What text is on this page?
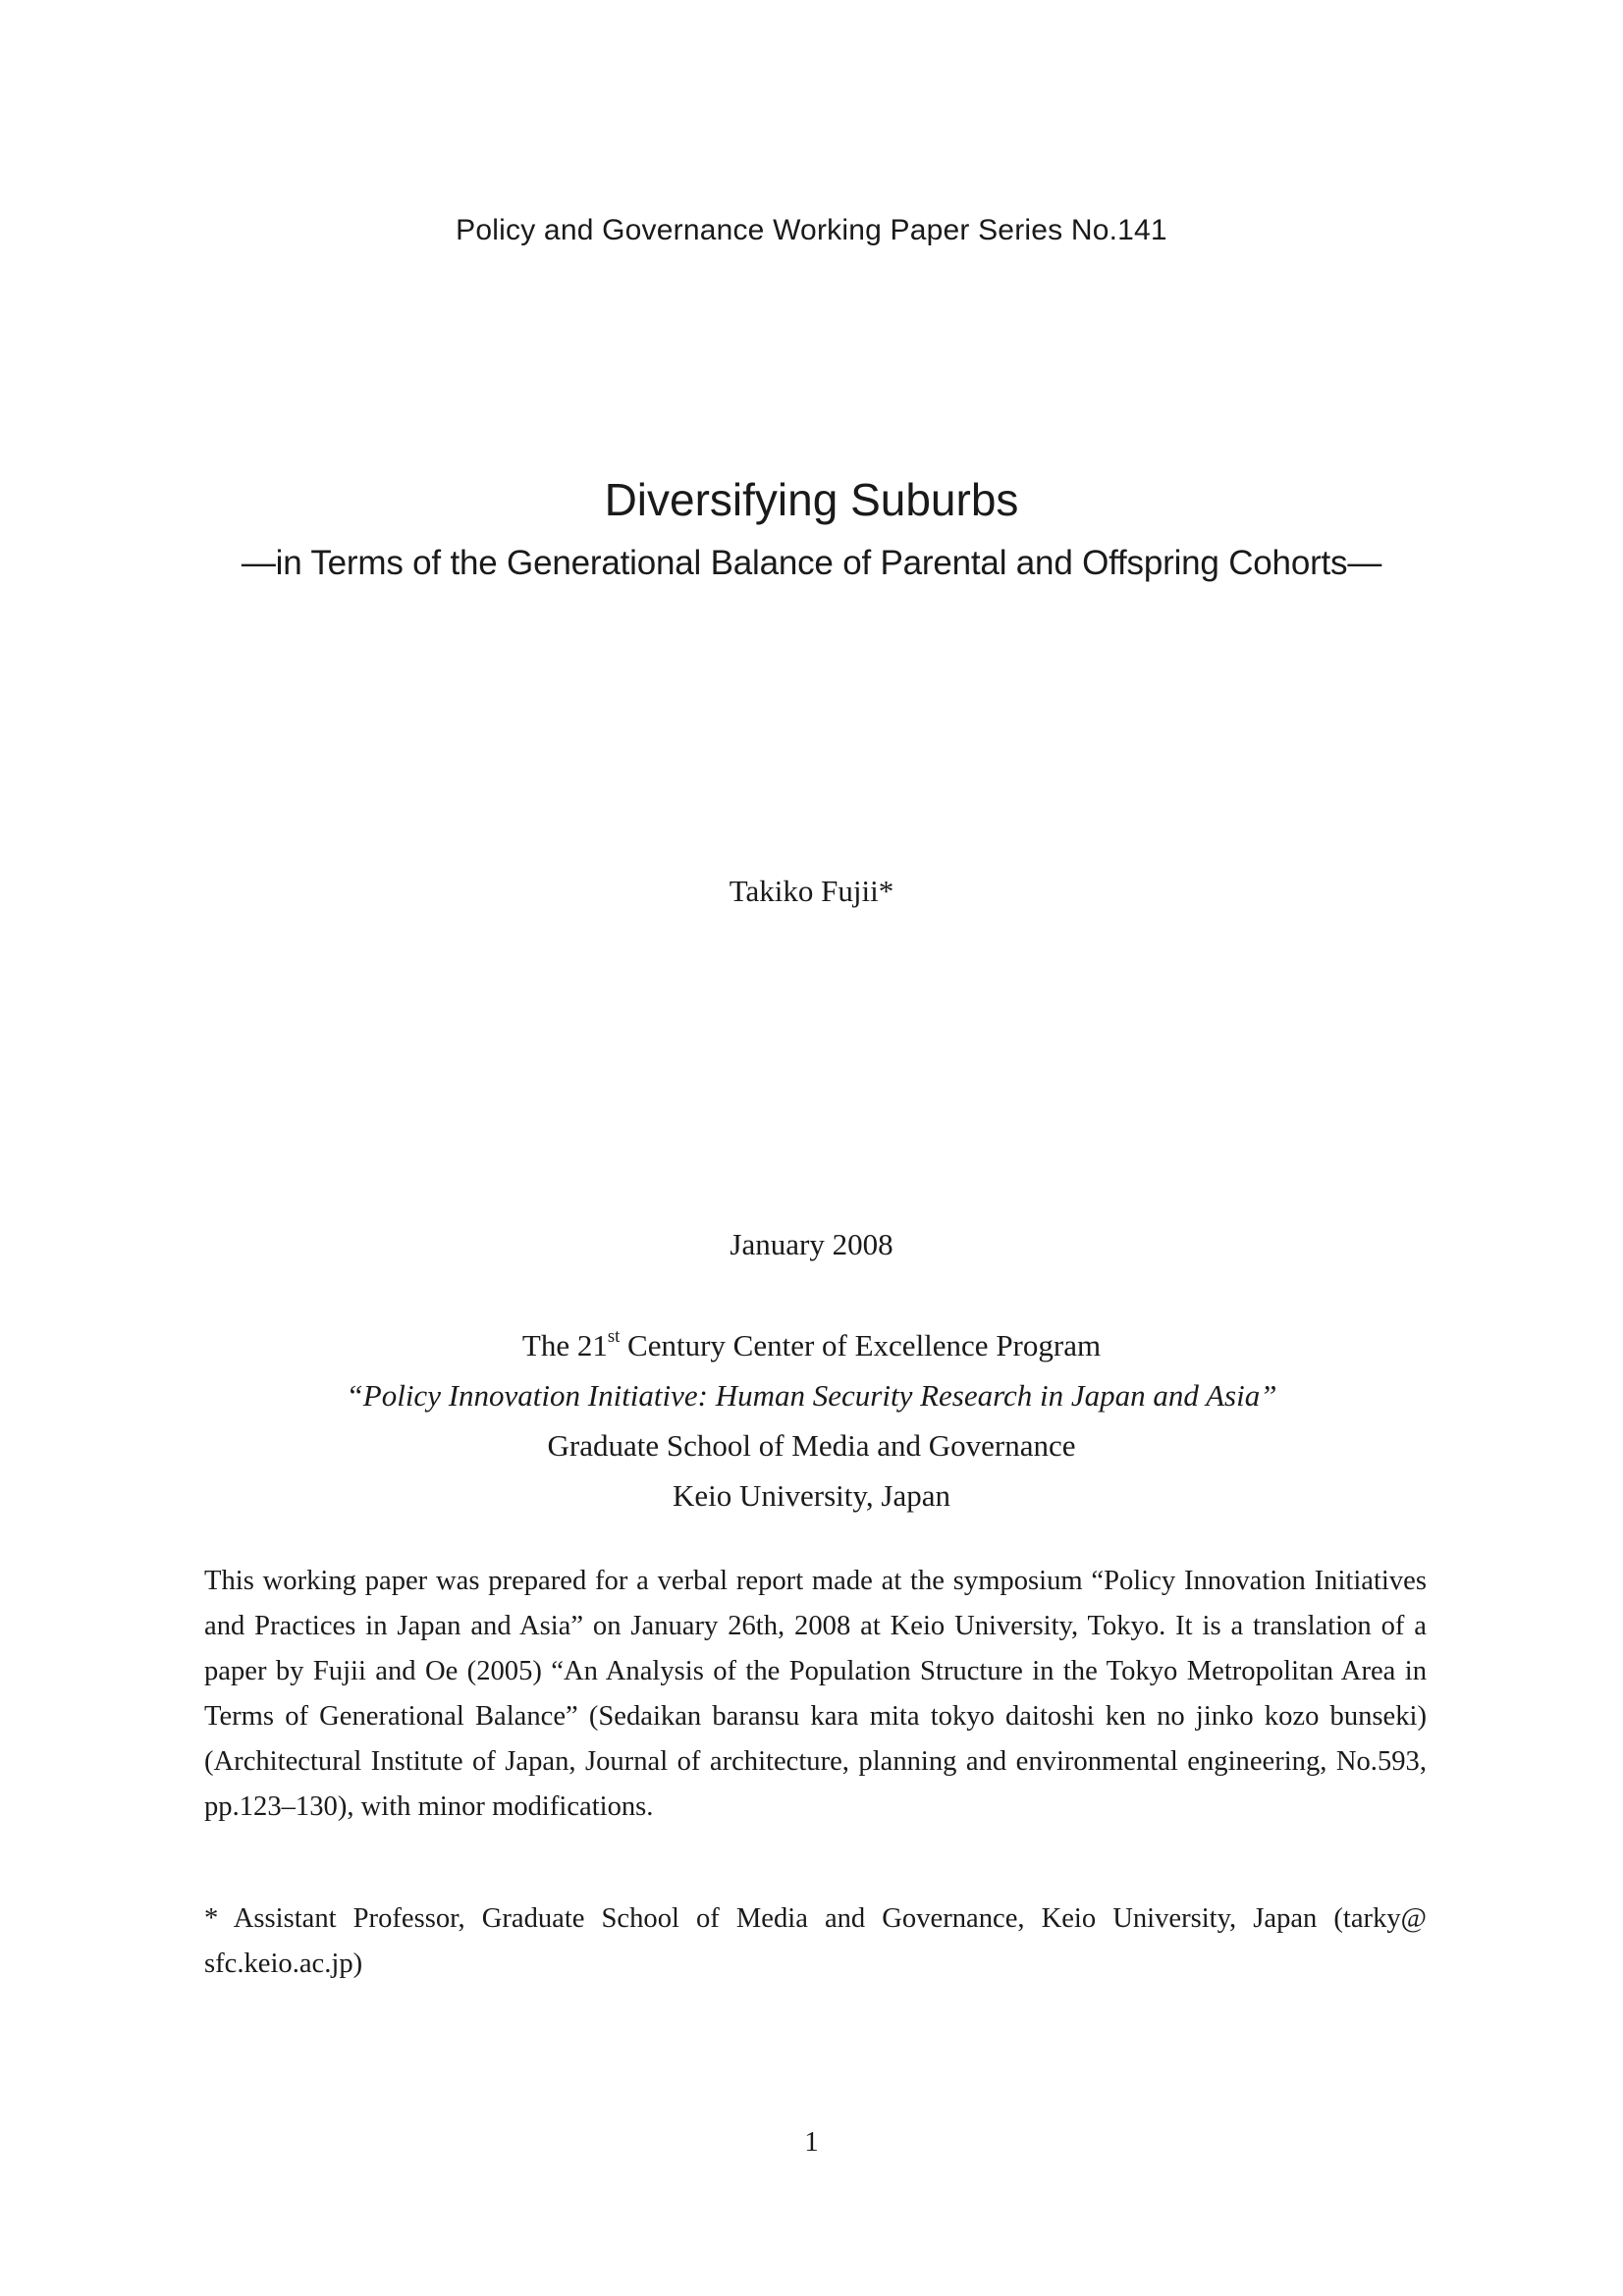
Policy and Governance Working Paper Series No.141
Diversifying Suburbs
—in Terms of the Generational Balance of Parental and Offspring Cohorts—
Takiko Fujii*
January 2008
The 21st Century Center of Excellence Program
“Policy Innovation Initiative: Human Security Research in Japan and Asia”
Graduate School of Media and Governance
Keio University, Japan
This working paper was prepared for a verbal report made at the symposium “Policy Innovation Initiatives and Practices in Japan and Asia” on January 26th, 2008 at Keio University, Tokyo. It is a translation of a paper by Fujii and Oe (2005) “An Analysis of the Population Structure in the Tokyo Metropolitan Area in Terms of Generational Balance” (Sedaikan baransu kara mita tokyo daitoshi ken no jinko kozo bunseki) (Architectural Institute of Japan, Journal of architecture, planning and environmental engineering, No.593, pp.123–130), with minor modifications.
* Assistant Professor, Graduate School of Media and Governance, Keio University, Japan (tarky@ sfc.keio.ac.jp)
1
